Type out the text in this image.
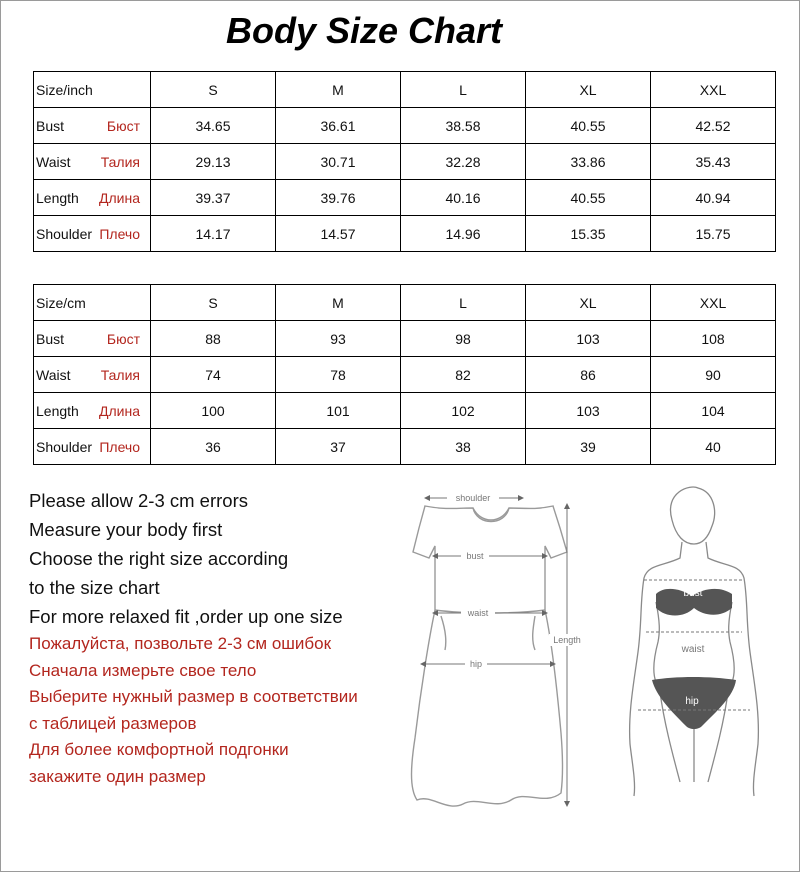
Body Size Chart
Size/inch	S	M	L	XL	XXL

Bust Бюст	34.65	36.61	38.58	40.55	42.52

Waist Талия	29.13	30.71	32.28	33.86	35.43

Length Длина	39.37	39.76	40.16	40.55	40.94

Shoulder Плечо	14.17	14.57	14.96	15.35	15.75
Size/cm	S	M	L	XL	XXL

Bust Бюст	88	93	98	103	108

Waist Талия	74	78	82	86	90

Length Длина	100	101	102	103	104

Shoulder Плечо	36	37	38	39	40
Please allow 2-3 cm errors
Measure your body first
Choose the right size according
to the size chart
For more relaxed fit ,order up one size
Пожалуйста, позвольте 2-3 см ошибок
Сначала измерьте свое тело
Выберите нужный размер в соответствии
с таблицей размеров
Для более комфортной подгонки
закажите один размер
shoulder
bust
waist
hip
Length
bust
waist
hip
